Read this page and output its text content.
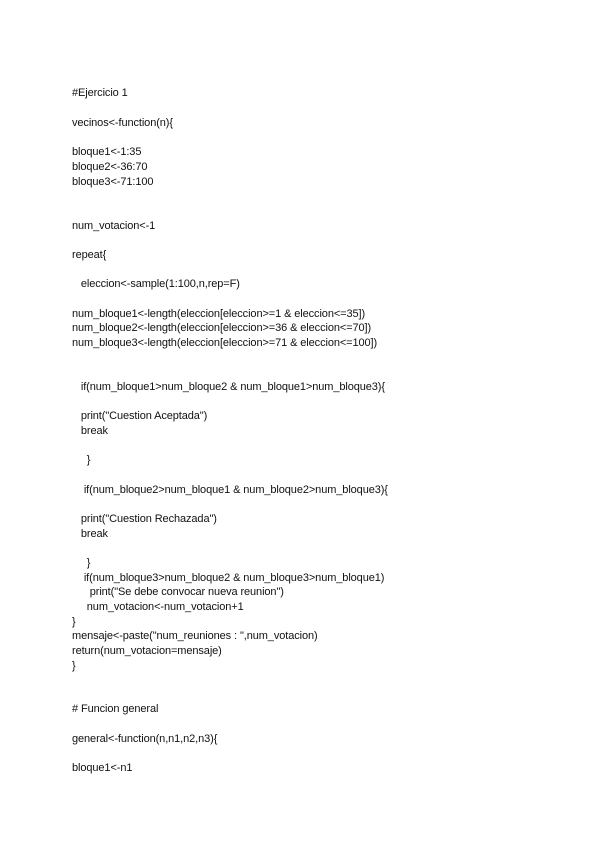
#Ejercicio 1
vecinos<-function(n){
bloque1<-1:35
bloque2<-36:70
bloque3<-71:100
num_votacion<-1
repeat{
eleccion<-sample(1:100,n,rep=F)
num_bloque1<-length(eleccion[eleccion>=1 & eleccion<=35])
num_bloque2<-length(eleccion[eleccion>=36 & eleccion<=70])
num_bloque3<-length(eleccion[eleccion>=71 & eleccion<=100])
if(num_bloque1>num_bloque2 & num_bloque1>num_bloque3){
print("Cuestion Aceptada")
break
}
if(num_bloque2>num_bloque1 & num_bloque2>num_bloque3){
print("Cuestion Rechazada")
break
}
if(num_bloque3>num_bloque2 & num_bloque3>num_bloque1)
print("Se debe convocar nueva reunion")
num_votacion<-num_votacion+1
}
mensaje<-paste("num_reuniones : ",num_votacion)
return(num_votacion=mensaje)
}
# Funcion general
general<-function(n,n1,n2,n3){
bloque1<-n1
